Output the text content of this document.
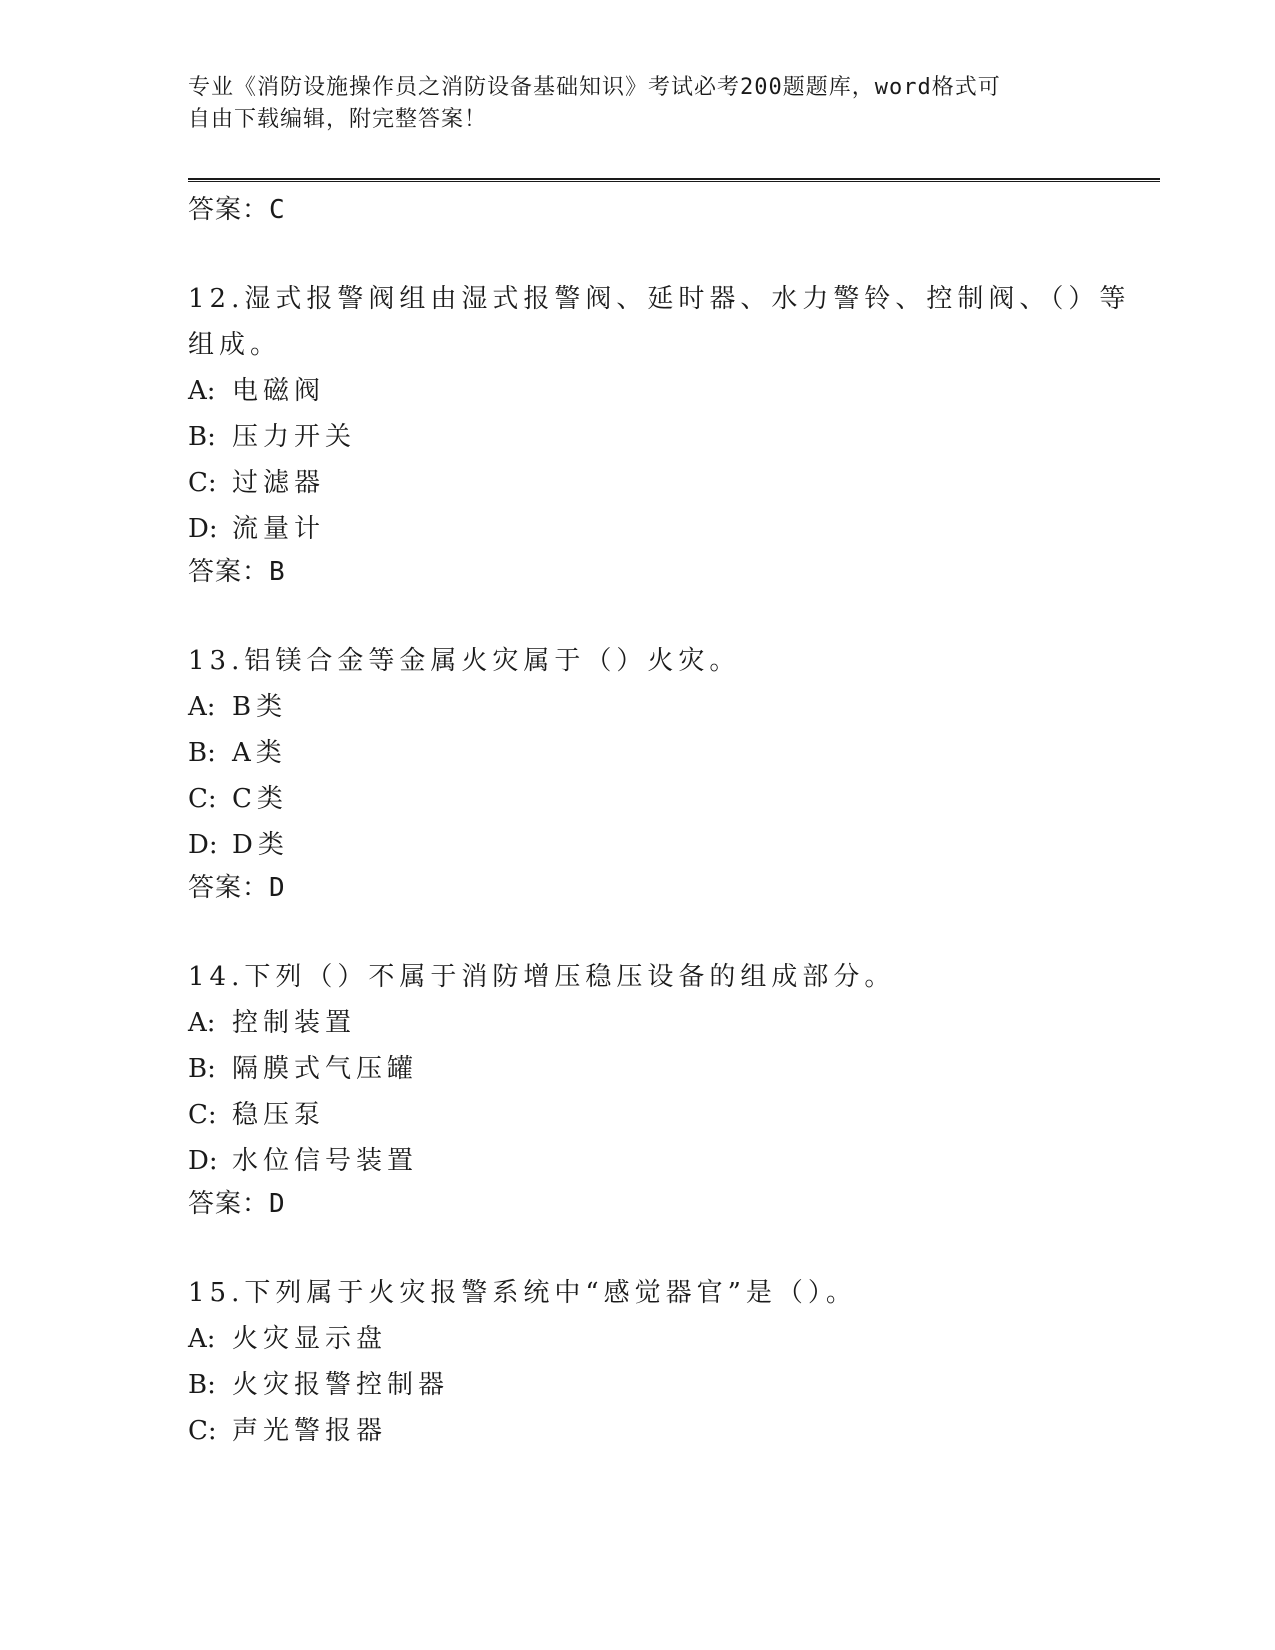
专业《消防设施操作员之消防设备基础知识》考试必考200题题库，word格式可
自由下载编辑，附完整答案！
答案：C
12.湿式报警阀组由湿式报警阀、延时器、水力警铃、控制阀、（）等
组成。
A: 电磁阀
B: 压力开关
C: 过滤器
D: 流量计
答案：B
13.铝镁合金等金属火灾属于（）火灾。
A: B类
B: A类
C: C类
D: D类
答案：D
14.下列（）不属于消防增压稳压设备的组成部分。
A: 控制装置
B: 隔膜式气压罐
C: 稳压泵
D: 水位信号装置
答案：D
15.下列属于火灾报警系统中“感觉器官”是（）。
A: 火灾显示盘
B: 火灾报警控制器
C: 声光警报器
